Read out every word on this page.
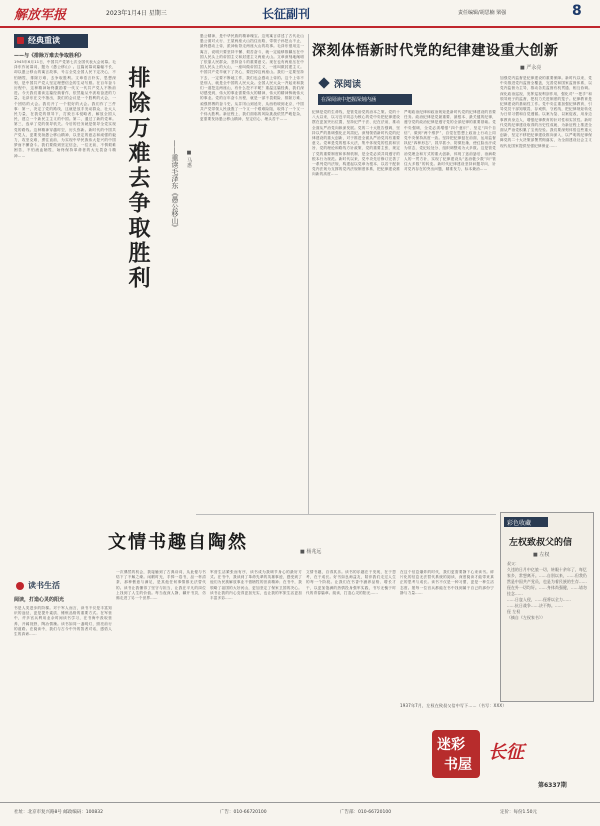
解放军报	2023年1月4日 星期三	长征副刊	责任编辑/胡思楠 梁强	8
经典重读
——与《排除万难去争取胜利》
1945年6月11日，中国共产党第七次全国代表大会闭幕。毛泽东作闭幕词，题为《愚公移山》。这篇闭幕词篇幅不长，却以愚公移山的寓言故事，号召全党全国人民下定决心，不怕牺牲，排除万难，去争取胜利。文章语言朴实，思想深刻，是中国共产党人坚定理想信念的生动写照。在百年奋斗历程中，这种精神始终激励着一代又一代共产党人不断前进。今天我们重读这篇经典著作，依然能从中汲取奋进的力量。毛泽东在文中指出，我们的会议是一个胜利的大会，一个团结的大会。我们开了一个很好的大会。我们作了三件事：第一，决定了党的路线，这就是放手发动群众，壮大人民力量，在我党的领导下，打败日本侵略者，解放全国人民，建立一个新民主主义的中国。第二，通过了新的党章。第三，选举了党的领导机关。今后的任务就是领导全党实现党的路线。这种精神穿越时空，历久弥新。新时代的中国共产党人，更要发扬愚公移山精神，以坚定的意志和顽强的毅力，攻坚克难，勇往直前，为实现中华民族伟大复兴的中国梦而不懈奋斗。我们要做到坚定信念，一往无前，不惧艰难困苦，不怕流血牺牲，始终保持革命者的大无畏奋斗精神……	排除万难去争取胜利	——重读毛泽东《愚公移山》 ■ 马惠
愚公精神，是中华民族的精神瑰宝。这则寓言讲述了古代北山愚公面对太行、王屋两座大山挡住出路，带领子孙挖山不止，最终感动上帝，派神仙背走两座大山的故事。毛泽东借用这一寓言，说明只要坚持不懈、艰苦奋斗，就一定能够推翻压在中国人民头上的帝国主义和封建主义两座大山。文章深刻地阐明了依靠人民群众、坚持奋斗的重要意义。现在也有两座压在中国人民头上的大山，一座叫做帝国主义，一座叫做封建主义。中国共产党早就下了决心，要挖掉这两座山。我们一定要坚持下去，一定要不断地工作，我们也会感动上帝的。这个上帝不是别人，就是全中国的人民大众。全国人民大众一齐起来和我们一道挖这两座山，有什么挖不平呢？重温这篇经典，我们深切感受到，伟大的事业需要伟大的精神，伟大的精神铸就伟大的事业。党的百年奋斗历程，就是一部不畏艰险、排除万难、顽强拼搏的奋斗史。从井冈山到延安，从西柏坡到北京，中国共产党带领人民战胜了一个又一个艰难险阻，取得了一个又一个伟大胜利。新征程上，我们面临的风险挑战依然严峻复杂，更需要发扬愚公移山精神，坚定信心、埋头苦干……
深刻体悟新时代党的纪律建设重大创新
■ 严永亮
深阅读
在深阅读中把握深刻内涵
纪律是党的生命线，是管党治党的治本之策。党的十八大以来，以习近平同志为核心的党中央把纪律建设摆在更加突出位置，坚持纪严于法、纪在法前，推动全面从严治党向纵深发展。党的二十大报告强调，坚持以严的基调强化正风肃纪。深刻领悟新时代党的纪律建设的重大创新，对于推进全面从严治党具有重要意义。党章是党的根本大法，集中体现党的性质和宗旨、党的理论和路线方针政策、党的重要主张，规定了党的重要制度和体制机制，是全党必须共同遵守的根本行为规范。新时代以来，党中央先后修订完善了一系列党内法规，构建起以党章为根本、以若干配套党内法规为支撑的党内法规制度体系，把纪律建设推向新的高度……
严明政治纪律和政治规矩是新时代党的纪律建设的首要任务。政治纪律是党最重要、最根本、最关键的纪律，遵守党的政治纪律是遵守党的全部纪律的重要基础。党中央强调，全党必须增强“四个意识”、坚定“四个自信”、做到“两个维护”，自觉在思想上政治上行动上同党中央保持高度一致。坚持把纪律挺在前面，运用监督执纪“四种形态”，抓早抓小、防微杜渐，使红脸出汗成为常态，党纪轻处分、组织调整成为大多数。这是管党治党理念和方式的重大创新，体现了惩前毖后、治病救人的一贯方针，实现了纪律建设从“惩治极少数”向“管住大多数”的转变。新时代纪律建设坚持问题导向，针对党内存在的突出问题，精准发力，标本兼治……
加强党内监督是纪律建设的重要保障。新时代以来，党中央推进党内监督全覆盖，完善党和国家监督体系，以党内监督为主导，推动各类监督有机贯通、相互协调。深化政治巡视，发挥巡视利剑作用，强化对“一把手”和领导班子的监督，把权力关进制度的笼子。纪律教育是纪律建设的基础性工作。党中央注重加强纪律教育，引导党员干部知敬畏、存戒惧、守底线，把纪律规矩转化为日常习惯和自觉遵循。以案为鉴、以案促改，用身边事教育身边人，增强纪律教育的针对性和实效性。新时代党的纪律建设取得的历史性成就，为新征程上推进全面从严治党积累了宝贵经验。我们要深刻体悟这些重大创新，坚定不移把纪律建设推向深入，以严明的纪律保障党的二十大决策部署贯彻落实，为全面建设社会主义现代化国家提供坚强纪律保证……
彩色收藏
左权致叔父的信
■ 左权
叔父：
久违的日月中亿旅一切，转眼十余年了，每忆家乡，常想离开。……自别以来，……但我仍然是中国共产党员，也是为着民族的生存……侄在外一切均好。……身体尚强健，……请勿挂念……
……日寇入侵，……侄将以全力……
……抗日战争……决不悔。……
侄 左权
（摘自《左权家书》）
文情书趣自陶然	■ 杨兆远
读书生活
阅读，打造心灵的阳光
书是人类进步的阶梯。对于军人而言，读书不仅是丰富知识的途径，更是提升素质、锤炼品格的重要方式。在军营中，许多官兵利用业余时间读书学习，在书海中汲取营养，开阔视野，陶冶情操。读书如同一盏明灯，照亮前行的道路。在阅读中，我们与古今中外的智者对话，感悟人生的真谛……
一次偶然的机会，我接触到了古典诗词，从此便与书结下了不解之缘。闲暇时光，手捧一卷书，品一杯清茶，那种惬意与满足，是其他任何事情都无法替代的。读书让我懂得了坚守与担当，让我在平凡的岗位上找到了人生的价值。每当夜深人静，翻开书页，仿佛走进了另一个世界……
军营生活紧张而有序，读书成为我调节身心的最好方式。在书中，我读到了革命先辈的英雄事迹，感受到了他们为民族解放事业不惜牺牲的崇高精神；在书中，我领略了祖国的大好河山，更加坚定了保家卫国的决心。读书让我的内心变得更加充实，也让我的军旅生活更加丰富多彩……
文情书趣，自得其乐。读书的乐趣在于发现，在于思考，在于成长。好书如良师益友，陪伴我们走过人生的每一个阶段。让我们在书香中涵养品格、增长才干，以更加饱满的热情投身强军实践，书写无愧于时代的青春篇章。阅读，打造心灵的阳光……
在这个信息爆炸的时代，我们更需要静下心来读书。碎片化的信息无法替代系统的阅读，深度阅读才能带来真正的思考与成长。读书不仅是一种习惯，更是一种生活态度。愿每一位官兵都能在书中找到属于自己的那份宁静与力量……
1937年7月，左权在致叔父信中写下……（书写：XXX）
迷彩
书屋
长征
第6337期
社址：北京市复兴路8号 邮政编码：100832	广告：010-66720100	广告部：010-66720100	定价：每份1.50元
